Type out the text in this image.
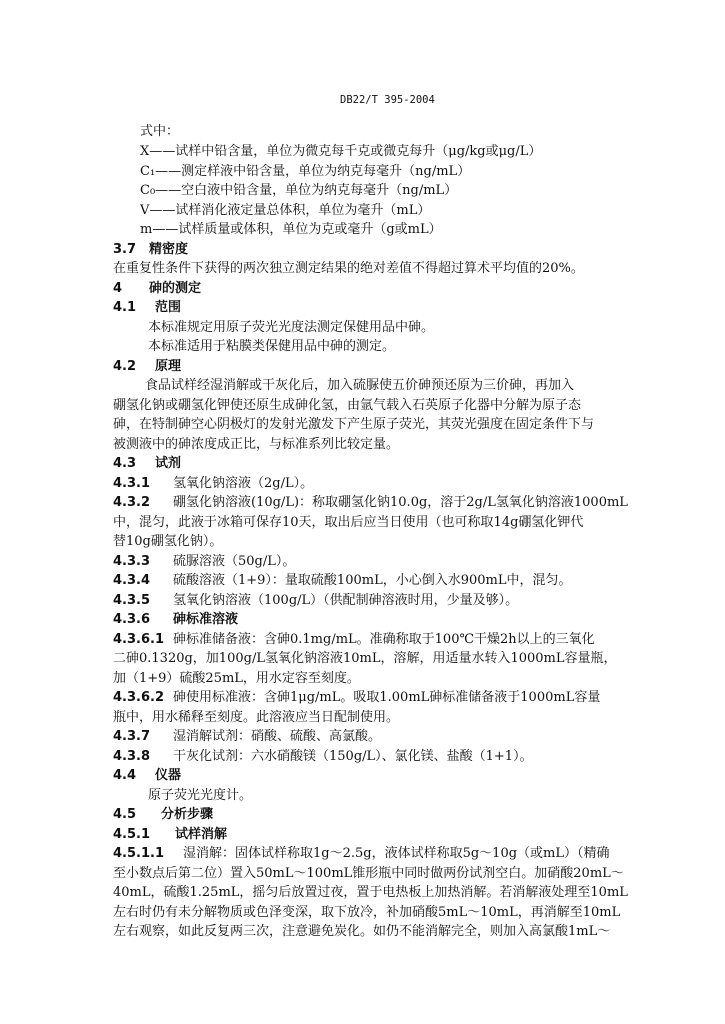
DB22/T 395-2004
式中：
X——试样中铅含量，单位为微克每千克或微克每升（μg/kg或μg/L）
C₁——测定样液中铅含量，单位为纳克每毫升（ng/mL）
C₀——空白液中铅含量，单位为纳克每毫升（ng/mL）
V——试样消化液定量总体积，单位为毫升（mL）
m——试样质量或体积，单位为克或毫升（g或mL）
3.7 精密度
在重复性条件下获得的两次独立测定结果的绝对差值不得超过算术平均值的20%。
4 砷的测定
4.1 范围
本标准规定用原子荧光光度法测定保健用品中砷。
本标准适用于粘膜类保健用品中砷的测定。
4.2 原理
食品试样经湿消解或干灰化后，加入硫脲使五价砷预还原为三价砷，再加入
硼氢化钠或硼氢化钾使还原生成砷化氢，由氩气载入石英原子化器中分解为原子态
砷，在特制砷空心阴极灯的发射光激发下产生原子荧光，其荧光强度在固定条件下与
被测液中的砷浓度成正比，与标准系列比较定量。
4.3 试剂
4.3.1 氢氧化钠溶液（2g/L）。
4.3.2 硼氢化钠溶液(10g/L)：称取硼氢化钠10.0g，溶于2g/L氢氧化钠溶液1000mL
中，混匀，此液于冰箱可保存10天，取出后应当日使用（也可称取14g硼氢化钾代
替10g硼氢化钠）。
4.3.3 硫脲溶液（50g/L）。
4.3.4 硫酸溶液（1+9）：量取硫酸100mL，小心倒入水900mL中，混匀。
4.3.5 氢氧化钠溶液（100g/L）（供配制砷溶液时用，少量及够）。
4.3.6 砷标准溶液
4.3.6.1 砷标准储备液：含砷0.1mg/mL。准确称取于100℃干燥2h以上的三氧化
二砷0.1320g，加100g/L氢氧化钠溶液10mL，溶解，用适量水转入1000mL容量瓶，
加（1+9）硫酸25mL，用水定容至刻度。
4.3.6.2 砷使用标准液：含砷1μg/mL。吸取1.00mL砷标准储备液于1000mL容量
瓶中，用水稀释至刻度。此溶液应当日配制使用。
4.3.7 湿消解试剂：硝酸、硫酸、高氯酸。
4.3.8 干灰化试剂：六水硝酸镁（150g/L）、氯化镁、盐酸（1+1）。
4.4 仪器
原子荧光光度计。
4.5 分析步骤
4.5.1 试样消解
4.5.1.1 湿消解：固体试样称取1g～2.5g，液体试样称取5g～10g（或mL）（精确
至小数点后第二位）置入50mL～100mL锥形瓶中同时做两份试剂空白。加硝酸20mL～
40mL，硫酸1.25mL，摇匀后放置过夜，置于电热板上加热消解。若消解液处理至10mL
左右时仍有未分解物质或色泽变深，取下放冷，补加硝酸5mL～10mL，再消解至10mL
左右观察，如此反复两三次，注意避免炭化。如仍不能消解完全，则加入高氯酸1mL～
